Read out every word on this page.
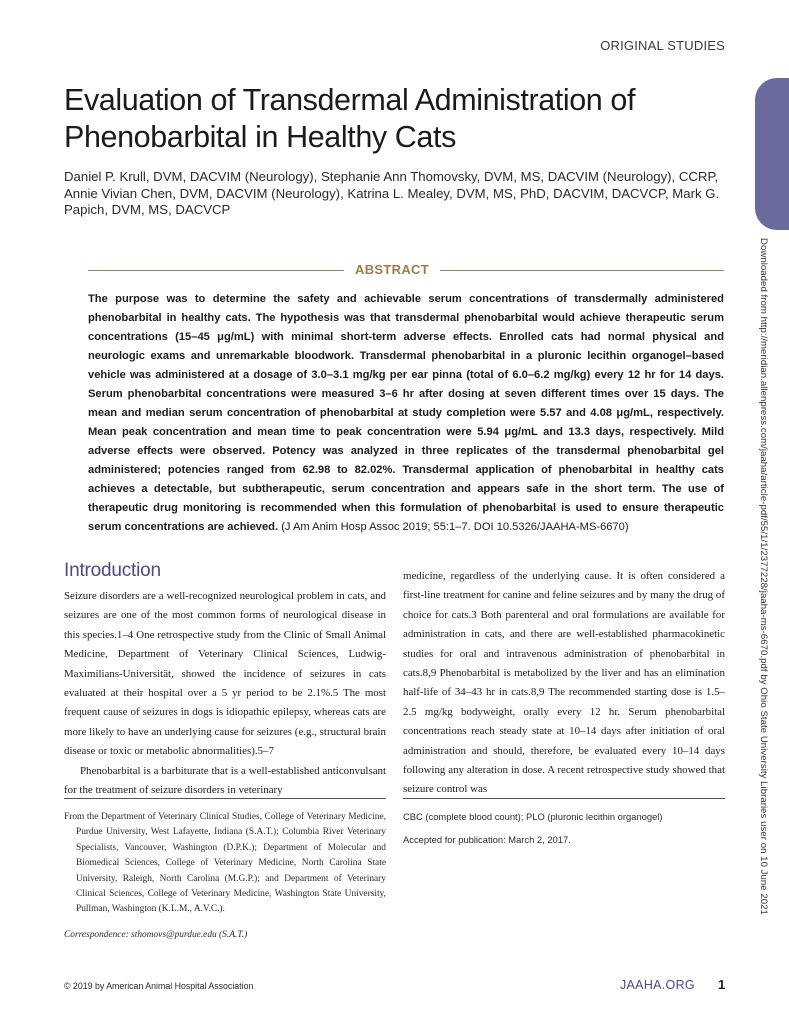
ORIGINAL STUDIES
Downloaded from http://meridian.allenpress.com/jaaha/article-pdf/55/1/1/2377228/jaaha-ms-6670.pdf by Ohio State University Libraries user on 10 June 2021
Evaluation of Transdermal Administration of Phenobarbital in Healthy Cats
Daniel P. Krull, DVM, DACVIM (Neurology), Stephanie Ann Thomovsky, DVM, MS, DACVIM (Neurology), CCRP, Annie Vivian Chen, DVM, DACVIM (Neurology), Katrina L. Mealey, DVM, MS, PhD, DACVIM, DACVCP, Mark G. Papich, DVM, MS, DACVCP
ABSTRACT

The purpose was to determine the safety and achievable serum concentrations of transdermally administered phenobarbital in healthy cats. The hypothesis was that transdermal phenobarbital would achieve therapeutic serum concentrations (15–45 μg/mL) with minimal short-term adverse effects. Enrolled cats had normal physical and neurologic exams and unremarkable bloodwork. Transdermal phenobarbital in a pluronic lecithin organogel–based vehicle was administered at a dosage of 3.0–3.1 mg/kg per ear pinna (total of 6.0–6.2 mg/kg) every 12 hr for 14 days. Serum phenobarbital concentrations were measured 3–6 hr after dosing at seven different times over 15 days. The mean and median serum concentration of phenobarbital at study completion were 5.57 and 4.08 μg/mL, respectively. Mean peak concentration and mean time to peak concentration were 5.94 μg/mL and 13.3 days, respectively. Mild adverse effects were observed. Potency was analyzed in three replicates of the transdermal phenobarbital gel administered; potencies ranged from 62.98 to 82.02%. Transdermal application of phenobarbital in healthy cats achieves a detectable, but subtherapeutic, serum concentration and appears safe in the short term. The use of therapeutic drug monitoring is recommended when this formulation of phenobarbital is used to ensure therapeutic serum concentrations are achieved. (J Am Anim Hosp Assoc 2019; 55:1–7. DOI 10.5326/JAAHA-MS-6670)

Introduction

Seizure disorders are a well-recognized neurological problem in cats, and seizures are one of the most common forms of neurological disease in this species.1–4 One retrospective study from the Clinic of Small Animal Medicine, Department of Veterinary Clinical Sciences, Ludwig-Maximilians-Universität, showed the incidence of seizures in cats evaluated at their hospital over a 5 yr period to be 2.1%.5 The most frequent cause of seizures in dogs is idiopathic epilepsy, whereas cats are more likely to have an underlying cause for seizures (e.g., structural brain disease or toxic or metabolic abnormalities).5–7

Phenobarbital is a barbiturate that is a well-established anticonvulsant for the treatment of seizure disorders in veterinary

medicine, regardless of the underlying cause. It is often considered a first-line treatment for canine and feline seizures and by many the drug of choice for cats.3 Both parenteral and oral formulations are available for administration in cats, and there are well-established pharmacokinetic studies for oral and intravenous administration of phenobarbital in cats.8,9 Phenobarbital is metabolized by the liver and has an elimination half-life of 34–43 hr in cats.8,9 The recommended starting dose is 1.5–2.5 mg/kg bodyweight, orally every 12 hr. Serum phenobarbital concentrations reach steady state at 10–14 days after initiation of oral administration and should, therefore, be evaluated every 10–14 days following any alteration in dose. A recent retrospective study showed that seizure control was

From the Department of Veterinary Clinical Studies, College of Veterinary Medicine, Purdue University, West Lafayette, Indiana (S.A.T.); Columbia River Veterinary Specialists, Vancouver, Washington (D.P.K.); Department of Molecular and Biomedical Sciences, College of Veterinary Medicine, North Carolina State University, Raleigh, North Carolina (M.G.P.); and Department of Veterinary Clinical Sciences, College of Veterinary Medicine, Washington State University, Pullman, Washington (K.L.M., A.V.C.).

Correspondence: sthomovs@purdue.edu (S.A.T.)

CBC (complete blood count); PLO (pluronic lecithin organogel)

Accepted for publication: March 2, 2017.

© 2019 by American Animal Hospital Association	JAAHA.ORG 1
